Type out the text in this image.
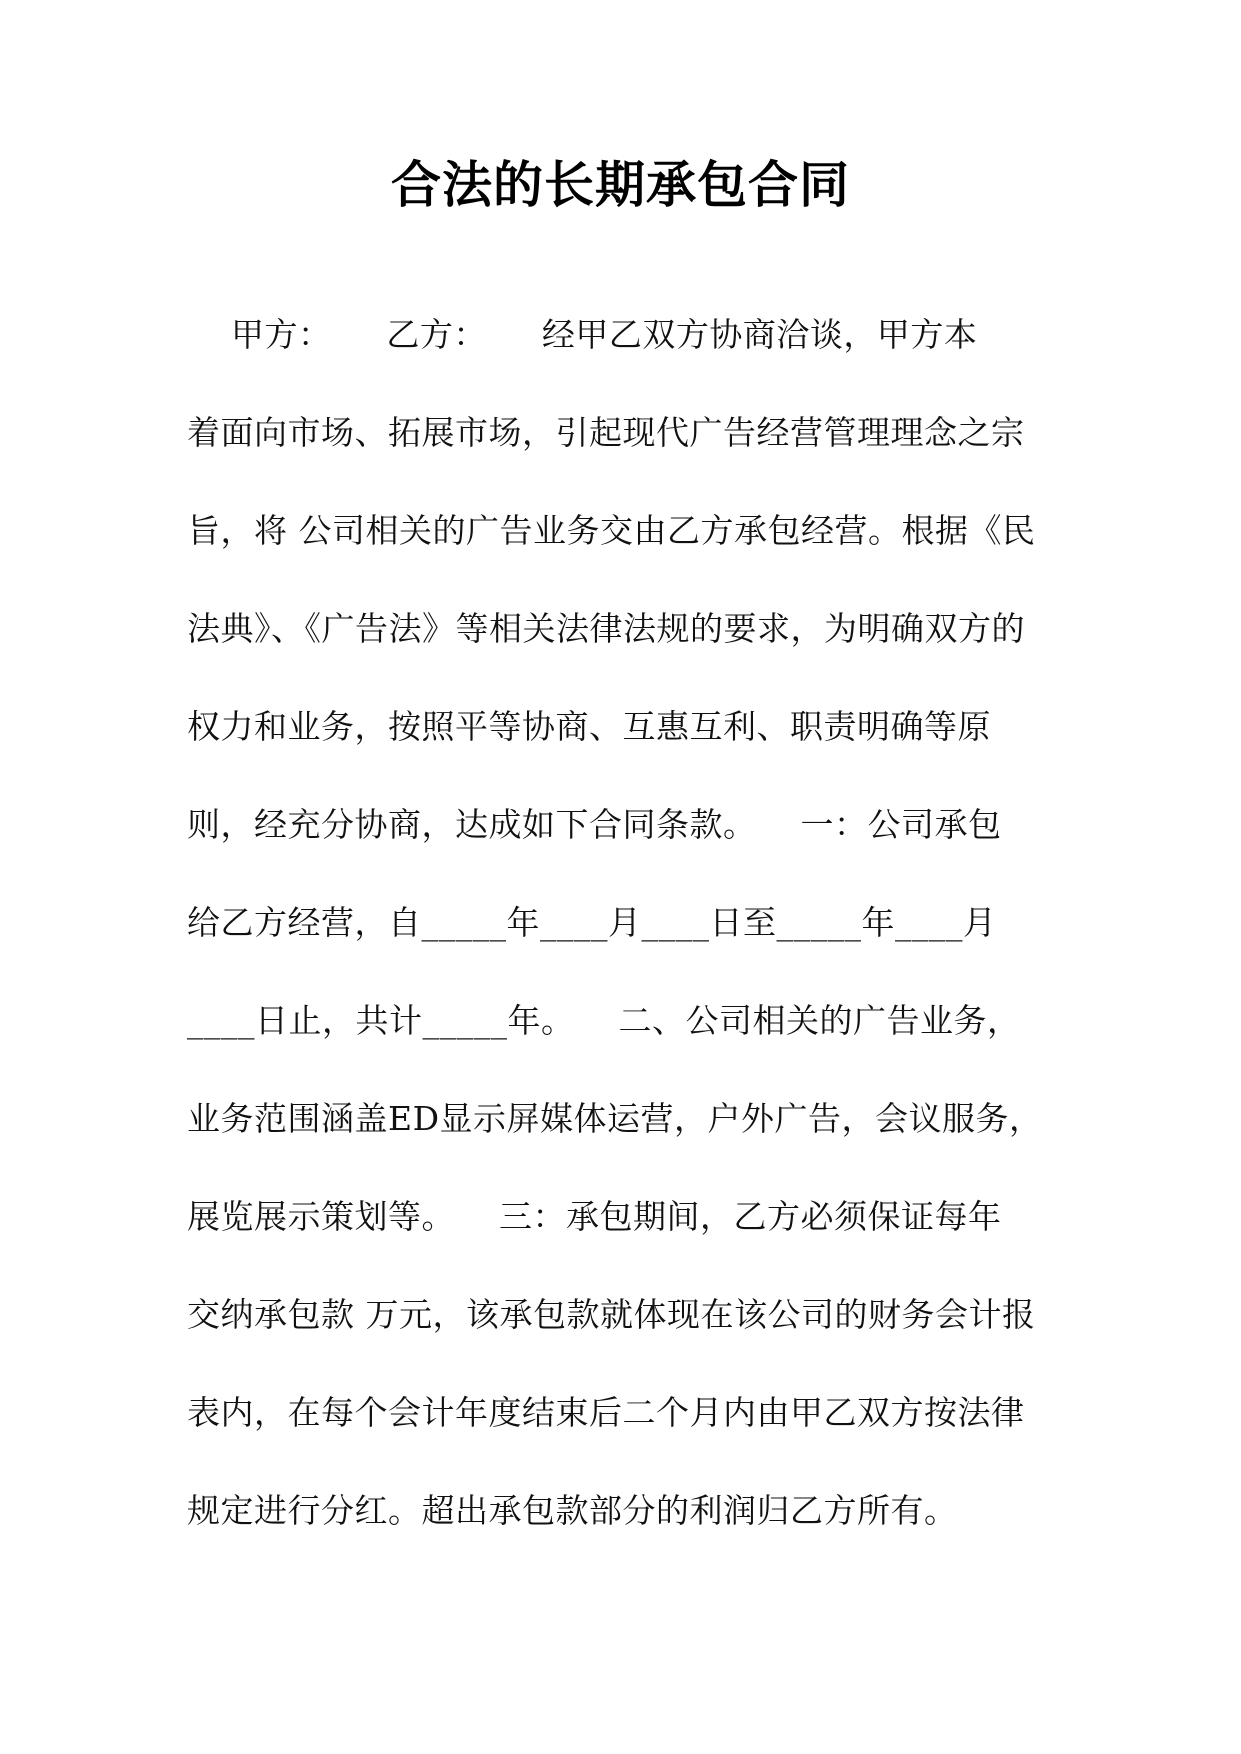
合法的长期承包合同

甲方：     乙方：     经甲乙双方协商洽谈，甲方本

着面向市场、拓展市场，引起现代广告经营管理理念之宗

旨，将 公司相关的广告业务交由乙方承包经营。根据《民

法典》、《广告法》等相关法律法规的要求，为明确双方的

权力和业务，按照平等协商、互惠互利、职责明确等原

则，经充分协商，达成如下合同条款。    一：公司承包

给乙方经营，自_____年____月____日至_____年____月

____日止，共计_____年。    二、公司相关的广告业务，

业务范围涵盖ED显示屏媒体运营，户外广告，会议服务，

展览展示策划等。    三：承包期间，乙方必须保证每年

交纳承包款 万元，该承包款就体现在该公司的财务会计报

表内，在每个会计年度结束后二个月内由甲乙双方按法律

规定进行分红。超出承包款部分的利润归乙方所有。
